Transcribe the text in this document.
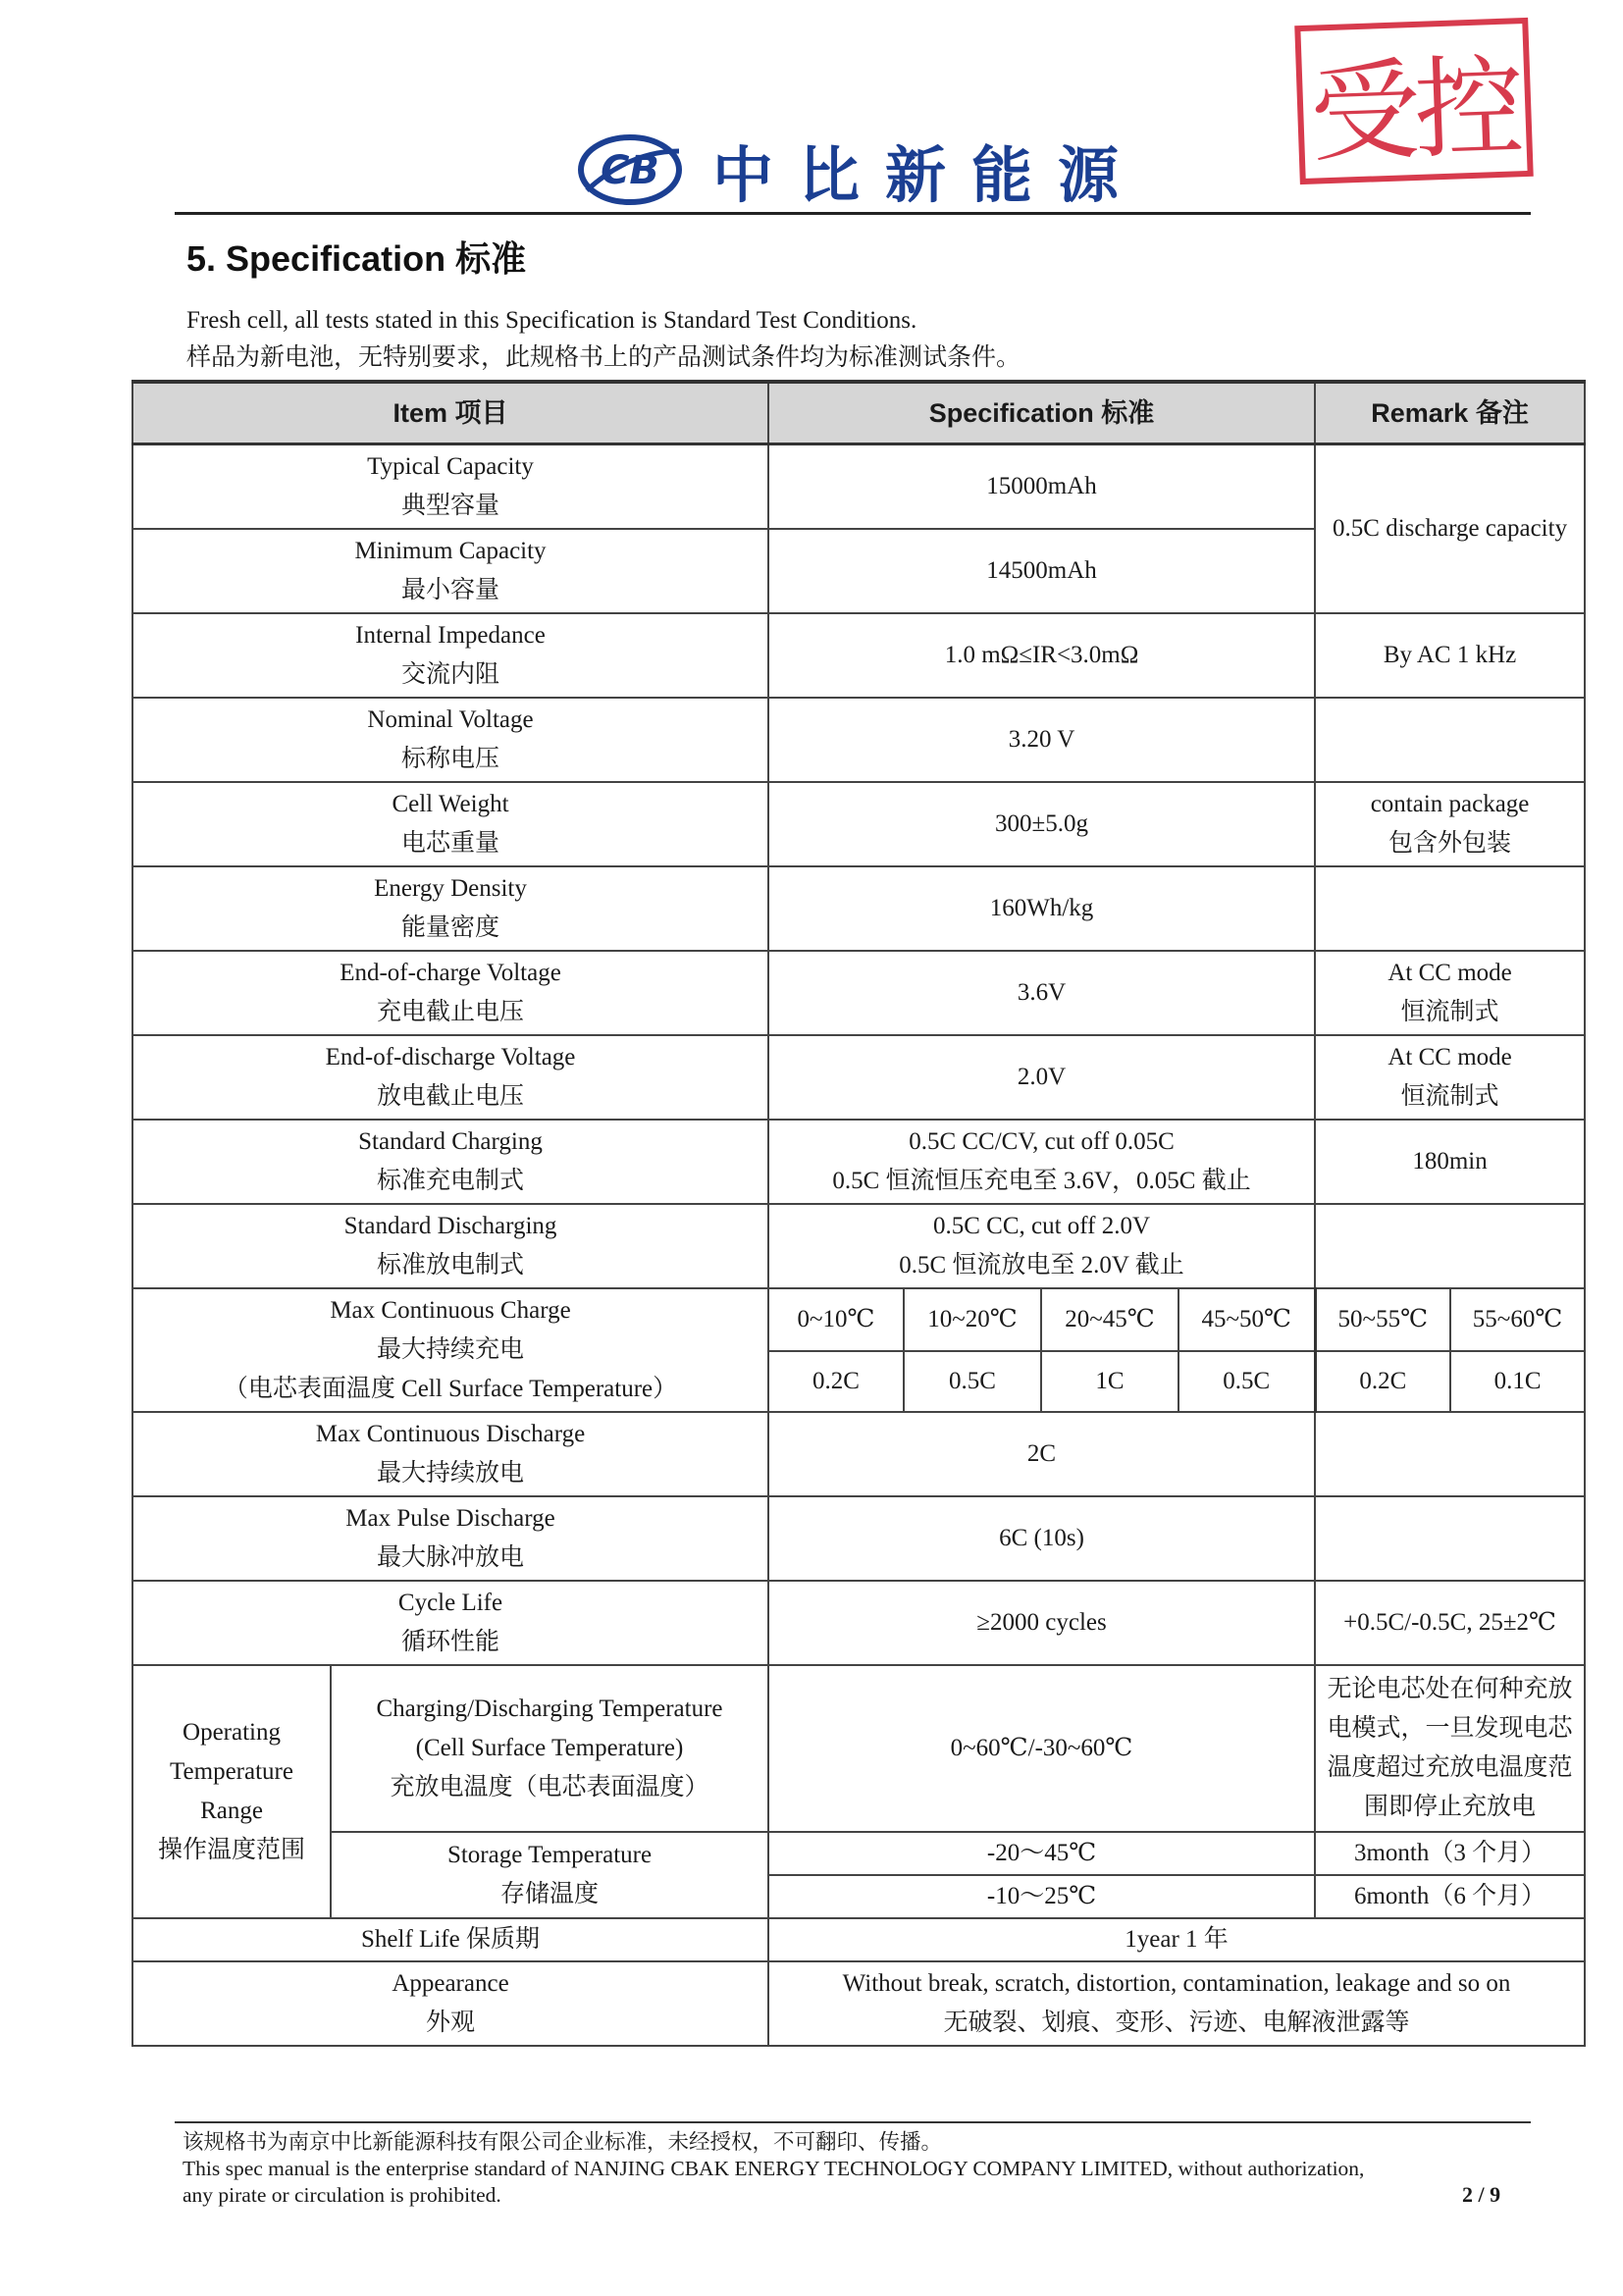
受控
CB 中比新能源
5. Specification 标准
Fresh cell, all tests stated in this Specification is Standard Test Conditions.
样品为新电池，无特别要求，此规格书上的产品测试条件均为标准测试条件。
Item 项目		Specification 标准				Remark 备注	

Typical Capacity
典型容量		15000mAh				0.5C discharge capacity	

Minimum Capacity
最小容量		14500mAh					

Internal Impedance
交流内阻		1.0 mΩ≤IR<3.0mΩ				By AC 1 kHz	

Nominal Voltage
标称电压		3.20 V					

Cell Weight
电芯重量		300±5.0g				contain package
包含外包装	

Energy Density
能量密度		160Wh/kg					

End-of-charge Voltage
充电截止电压		3.6V				At CC mode
恒流制式	

End-of-discharge Voltage
放电截止电压		2.0V				At CC mode
恒流制式	

Standard Charging
标准充电制式		0.5C CC/CV, cut off 0.05C
0.5C 恒流恒压充电至 3.6V，0.05C 截止				180min	

Standard Discharging
标准放电制式		0.5C CC, cut off 2.0V
0.5C 恒流放电至 2.0V 截止					

Max Continuous Charge
最大持续充电
（电芯表面温度 Cell Surface Temperature）		0~10℃	10~20℃	20~45℃	45~50℃	50~55℃	55~60℃
		0.2C	0.5C	1C	0.5C	0.2C	0.1C

Max Continuous Discharge
最大持续放电		2C					

Max Pulse Discharge
最大脉冲放电		6C (10s)					

Cycle Life
循环性能		≥2000 cycles				+0.5C/-0.5C, 25±2℃	

Operating
Temperature
Range
操作温度范围	Charging/Discharging Temperature
(Cell Surface Temperature)
充放电温度（电芯表面温度）	0~60℃/-30~60℃				无论电芯处在何种充放
电模式，一旦发现电芯
温度超过充放电温度范
围即停止充放电	

	Storage Temperature
存储温度	-20～45℃				3month（3 个月）	
		-10～25℃				6month（6 个月）	
Shelf Life 保质期		1year 1 年					

Appearance
外观		Without break, scratch, distortion, contamination, leakage and so on
无破裂、划痕、变形、污迹、电解液泄露等					
该规格书为南京中比新能源科技有限公司企业标准，未经授权，不可翻印、传播。
This spec manual is the enterprise standard of NANJING CBAK ENERGY TECHNOLOGY COMPANY LIMITED, without authorization,
any pirate or circulation is prohibited.	2 / 9
